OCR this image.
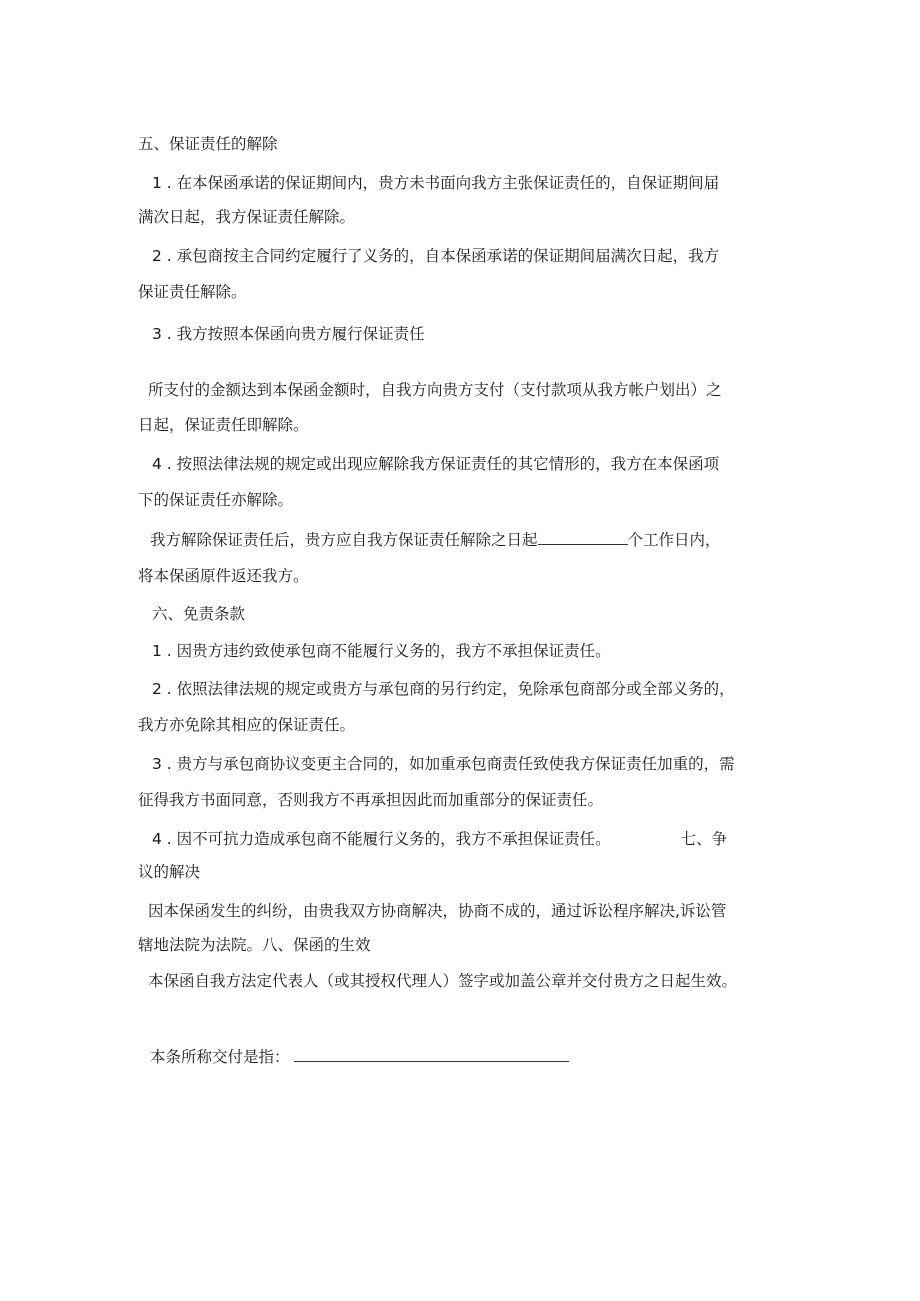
五、保证责任的解除
1 . 在本保函承诺的保证期间内，贵方未书面向我方主张保证责任的，自保证期间届
满次日起，我方保证责任解除。
2 . 承包商按主合同约定履行了义务的，自本保函承诺的保证期间届满次日起，我方
保证责任解除。
3 . 我方按照本保函向贵方履行保证责任
所支付的金额达到本保函金额时，自我方向贵方支付（支付款项从我方帐户划出）之
日起，保证责任即解除。
4 . 按照法律法规的规定或出现应解除我方保证责任的其它情形的，我方在本保函项
下的保证责任亦解除。
我方解除保证责任后，贵方应自我方保证责任解除之日起	个工作日内，
将本保函原件返还我方。
六、免责条款
1 . 因贵方违约致使承包商不能履行义务的，我方不承担保证责任。
2 . 依照法律法规的规定或贵方与承包商的另行约定，免除承包商部分或全部义务的，
我方亦免除其相应的保证责任。
3 . 贵方与承包商协议变更主合同的，如加重承包商责任致使我方保证责任加重的，需
征得我方书面同意，否则我方不再承担因此而加重部分的保证责任。
4 . 因不可抗力造成承包商不能履行义务的，我方不承担保证责任。	七、争
议的解决
因本保函发生的纠纷，由贵我双方协商解决，协商不成的，通过诉讼程序解决,诉讼管
辖地法院为法院。八、保函的生效
本保函自我方法定代表人（或其授权代理人）签字或加盖公章并交付贵方之日起生效。
本条所称交付是指：
